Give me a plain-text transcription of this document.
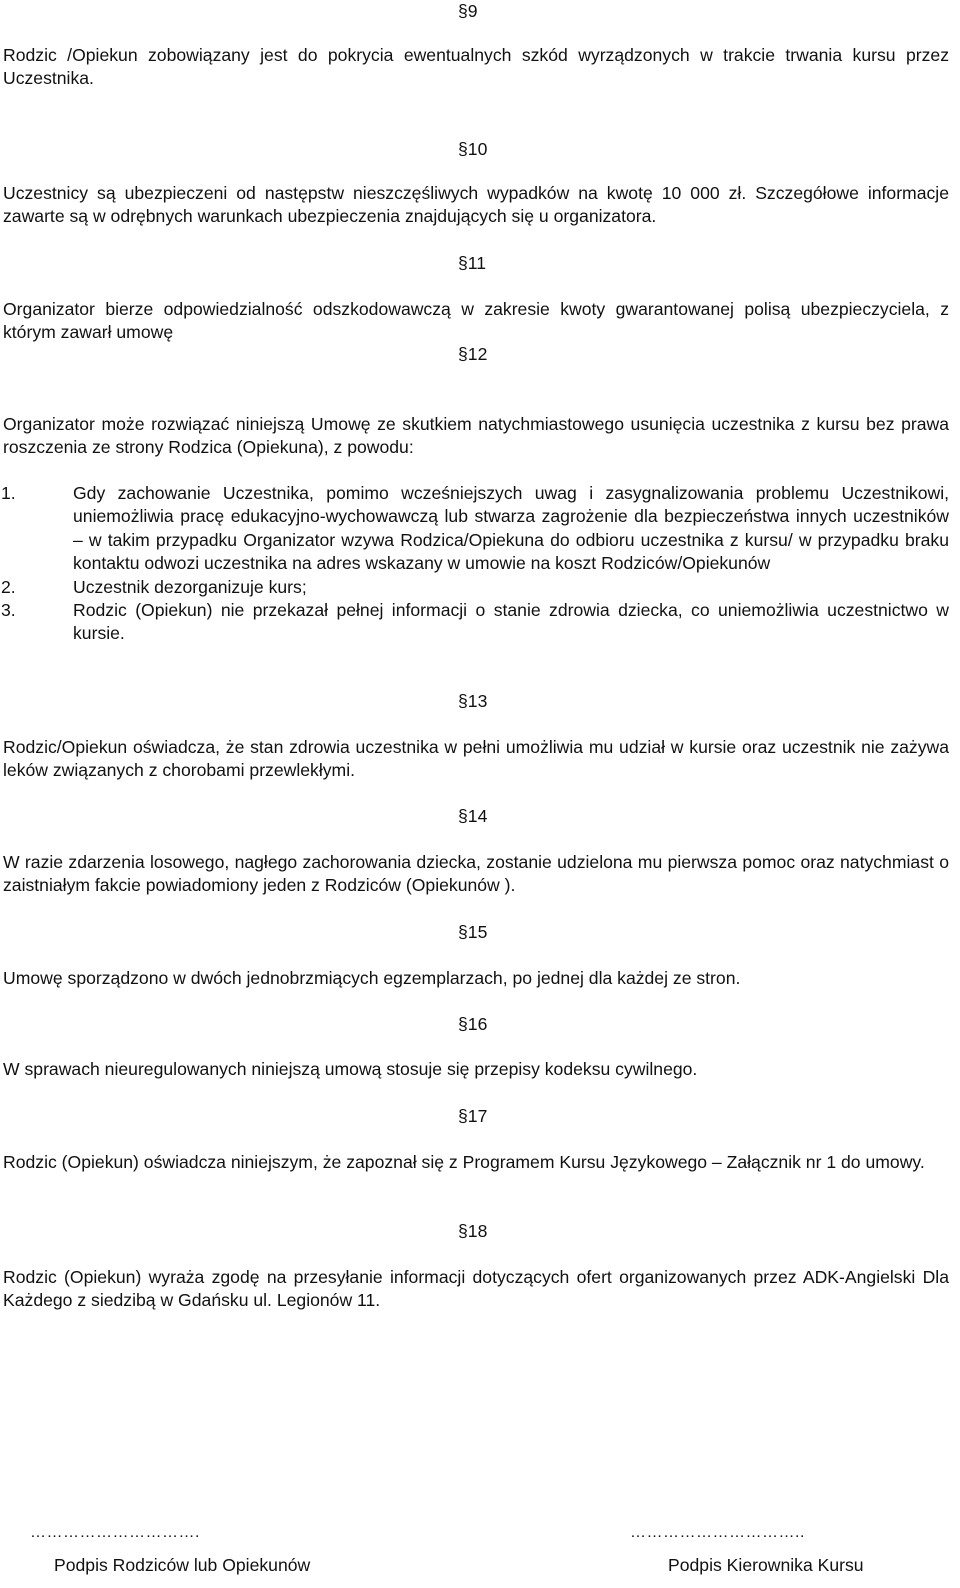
§9
Rodzic /Opiekun zobowiązany jest do pokrycia ewentualnych szkód wyrządzonych w trakcie trwania kursu przez Uczestnika.
§10
Uczestnicy są ubezpieczeni od następstw nieszczęśliwych wypadków na kwotę 10 000 zł. Szczegółowe informacje zawarte są w odrębnych warunkach ubezpieczenia znajdujących się u organizatora.
§11
Organizator bierze odpowiedzialność odszkodowawczą w zakresie kwoty gwarantowanej polisą ubezpieczyciela, z którym zawarł umowę
§12
Organizator może rozwiązać niniejszą Umowę ze skutkiem natychmiastowego usunięcia uczestnika z kursu bez prawa roszczenia ze strony Rodzica (Opiekuna), z powodu:
1.	Gdy zachowanie Uczestnika, pomimo wcześniejszych uwag i zasygnalizowania problemu Uczestnikowi, uniemożliwia pracę edukacyjno-wychowawczą lub stwarza zagrożenie dla bezpieczeństwa innych uczestników – w takim przypadku Organizator wzywa Rodzica/Opiekuna do odbioru uczestnika z kursu/ w przypadku braku kontaktu odwozi uczestnika na adres wskazany w umowie na koszt Rodziców/Opiekunów
2.	Uczestnik dezorganizuje kurs;
3.	Rodzic (Opiekun) nie przekazał pełnej informacji o stanie zdrowia dziecka, co uniemożliwia uczestnictwo w kursie.
§13
Rodzic/Opiekun oświadcza, że stan zdrowia uczestnika w pełni umożliwia mu udział w kursie oraz uczestnik nie zażywa leków związanych z chorobami przewlekłymi.
§14
W razie zdarzenia losowego, nagłego zachorowania dziecka, zostanie udzielona mu pierwsza pomoc oraz natychmiast o zaistniałym fakcie powiadomiony jeden z Rodziców (Opiekunów ).
§15
Umowę sporządzono w dwóch jednobrzmiących egzemplarzach, po jednej dla każdej ze stron.
§16
W sprawach nieuregulowanych niniejszą umową stosuje się przepisy kodeksu cywilnego.
§17
Rodzic (Opiekun) oświadcza niniejszym, że zapoznał się z Programem Kursu Językowego – Załącznik nr 1 do umowy.
§18
Rodzic (Opiekun) wyraża zgodę na przesyłanie informacji dotyczących ofert organizowanych przez ADK-Angielski Dla Każdego z siedzibą w Gdańsku ul. Legionów 11.
………………………….
Podpis Rodziców lub Opiekunów
…………………………..
Podpis Kierownika Kursu
